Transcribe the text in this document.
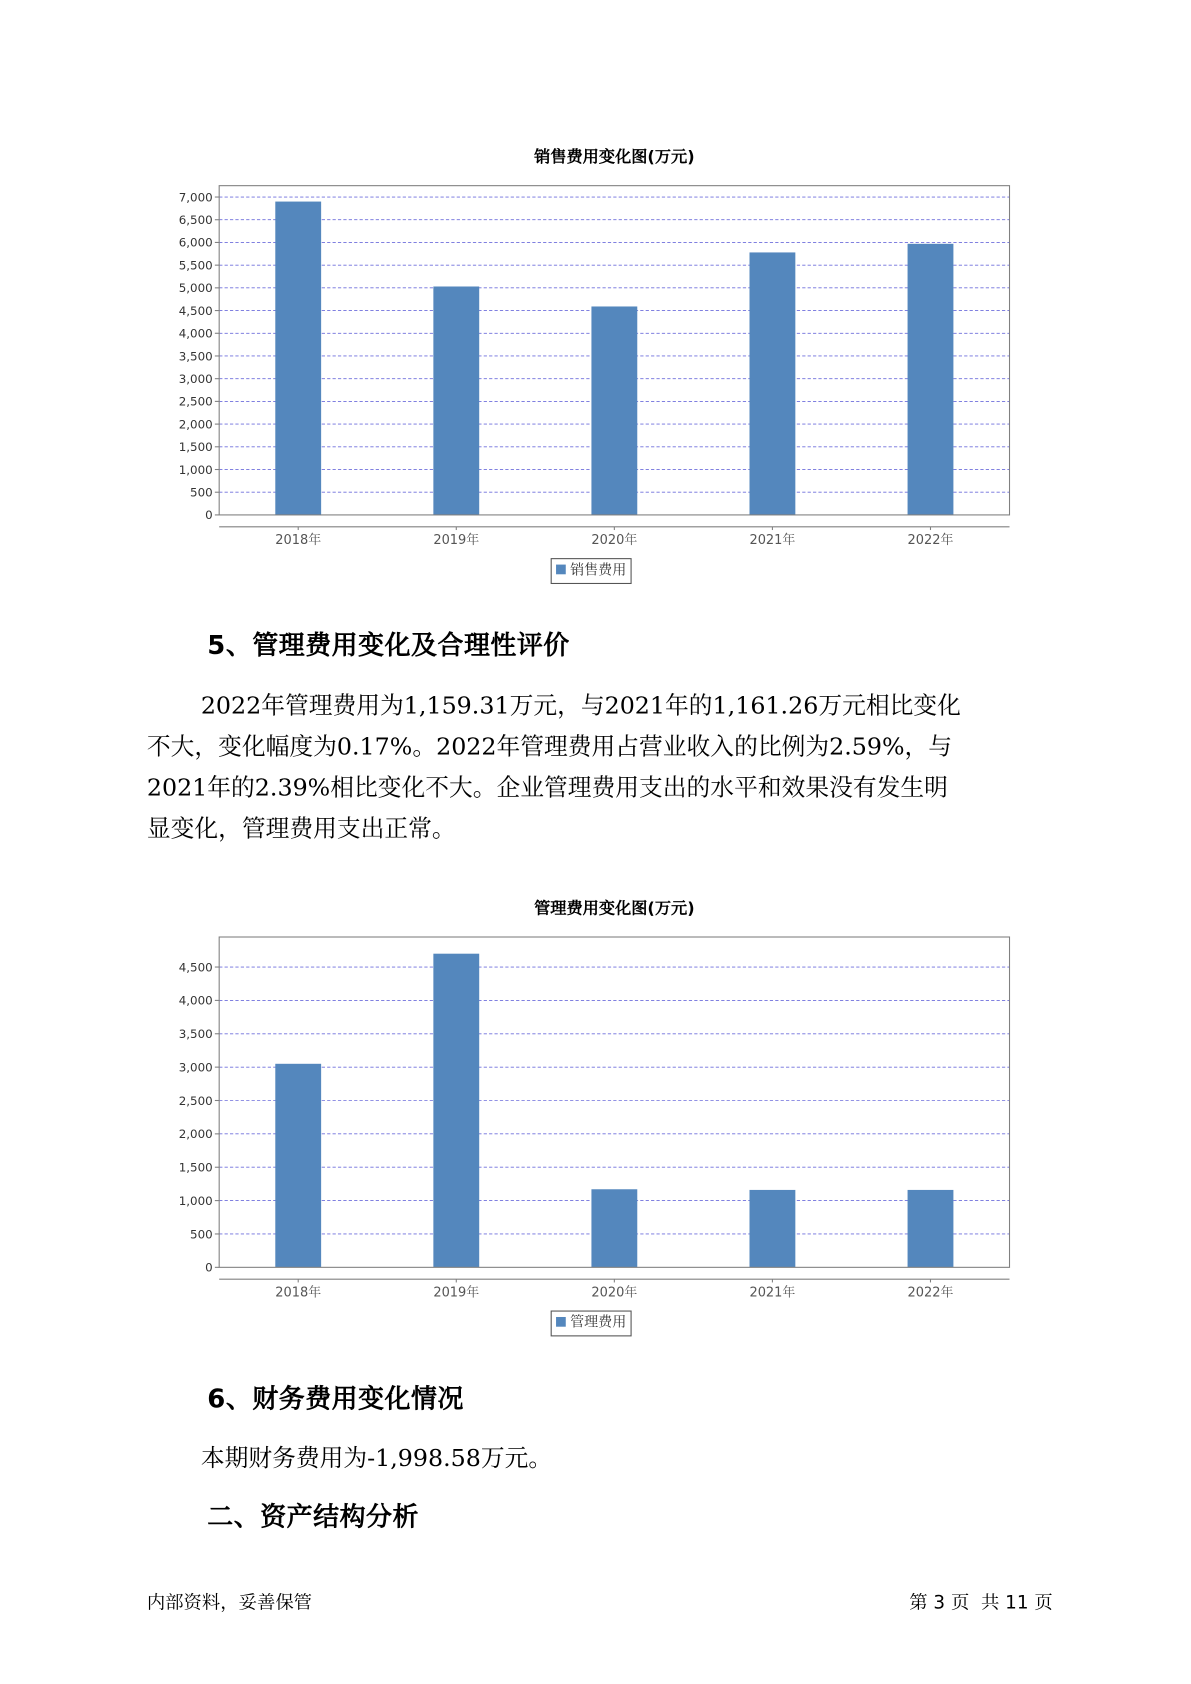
销售费用变化图(万元)
0
500
1,000
1,500
2,000
2,500
3,000
3,500
4,000
4,500
5,000
5,500
6,000
6,500
7,000
2018年	2019年	2020年	2021年	2022年
销售费用
5、管理费用变化及合理性评价
2022年管理费用为1,159.31万元，与2021年的1,161.26万元相比变化
不大，变化幅度为0.17%。2022年管理费用占营业收入的比例为2.59%，与
2021年的2.39%相比变化不大。企业管理费用支出的水平和效果没有发生明
显变化，管理费用支出正常。
管理费用变化图(万元)
0
500
1,000
1,500
2,000
2,500
3,000
3,500
4,000
4,500
2018年	2019年	2020年	2021年	2022年
管理费用
6、财务费用变化情况
本期财务费用为-1,998.58万元。
二、资产结构分析
内部资料，妥善保管	第 3 页  共 11 页
